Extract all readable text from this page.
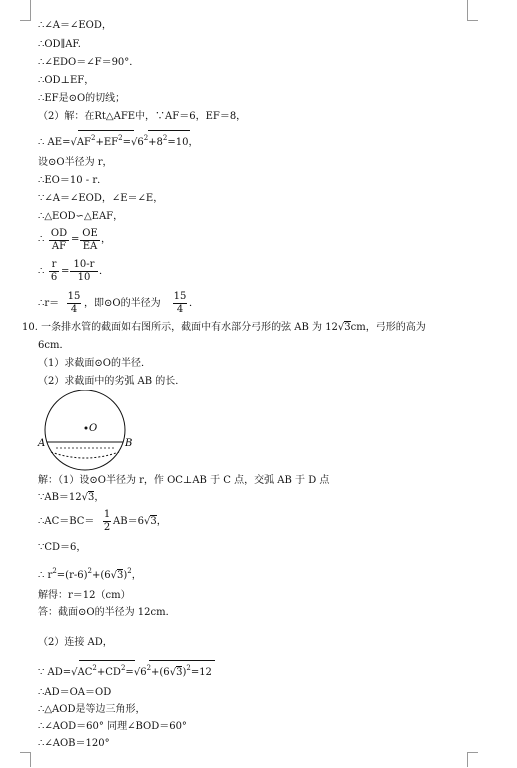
∴∠A＝∠EOD，
∴OD∥AF.
∴∠EDO＝∠F＝90°．
∴OD⊥EF，
∴EF是⊙O的切线；
（2）解：在Rt△AFE中，∵AF＝6，EF＝8，
∴ $AE=√AF^2+EF^2=√6^2+8^2=10$，
设⊙O半径为 r，
∴EO＝10 - r．
∵∠A＝∠EOD，∠E＝∠E，
∴△EOD∽△EAF，
∴
OD
AF
=
OE
EA
，
∴
r
6
=
10-r
10
．
∴r＝
15
4
，即⊙O的半径为
15
4
．
10. 一条排水管的截面如右图所示，截面中有水部分弓形的弦 AB 为 12√3cm，弓形的高为
6cm．
（1）求截面⊙O的半径．
（2）求截面中的劣弧 AB 的长．
O
A	B
解：（1）设⊙O半径为 r，作 OC⊥AB 于 C 点，交弧 AB 于 D 点
∵AB＝12√3，
∴AC＝BC＝
1
2
AB＝6√3，
∵CD＝6，
∴ $r^2=(r-6)^2+(6√3)^2$，
解得：r＝12（cm）
答：截面⊙O的半径为 12cm．
（2）连接 AD，
∵ $AD=√AC^2+CD^2=√6^2+(6√3)^2=12$
∴AD＝OA＝OD
∴△AOD是等边三角形，
∴∠AOD＝60° 同理∠BOD＝60°
∴∠AOB＝120°
